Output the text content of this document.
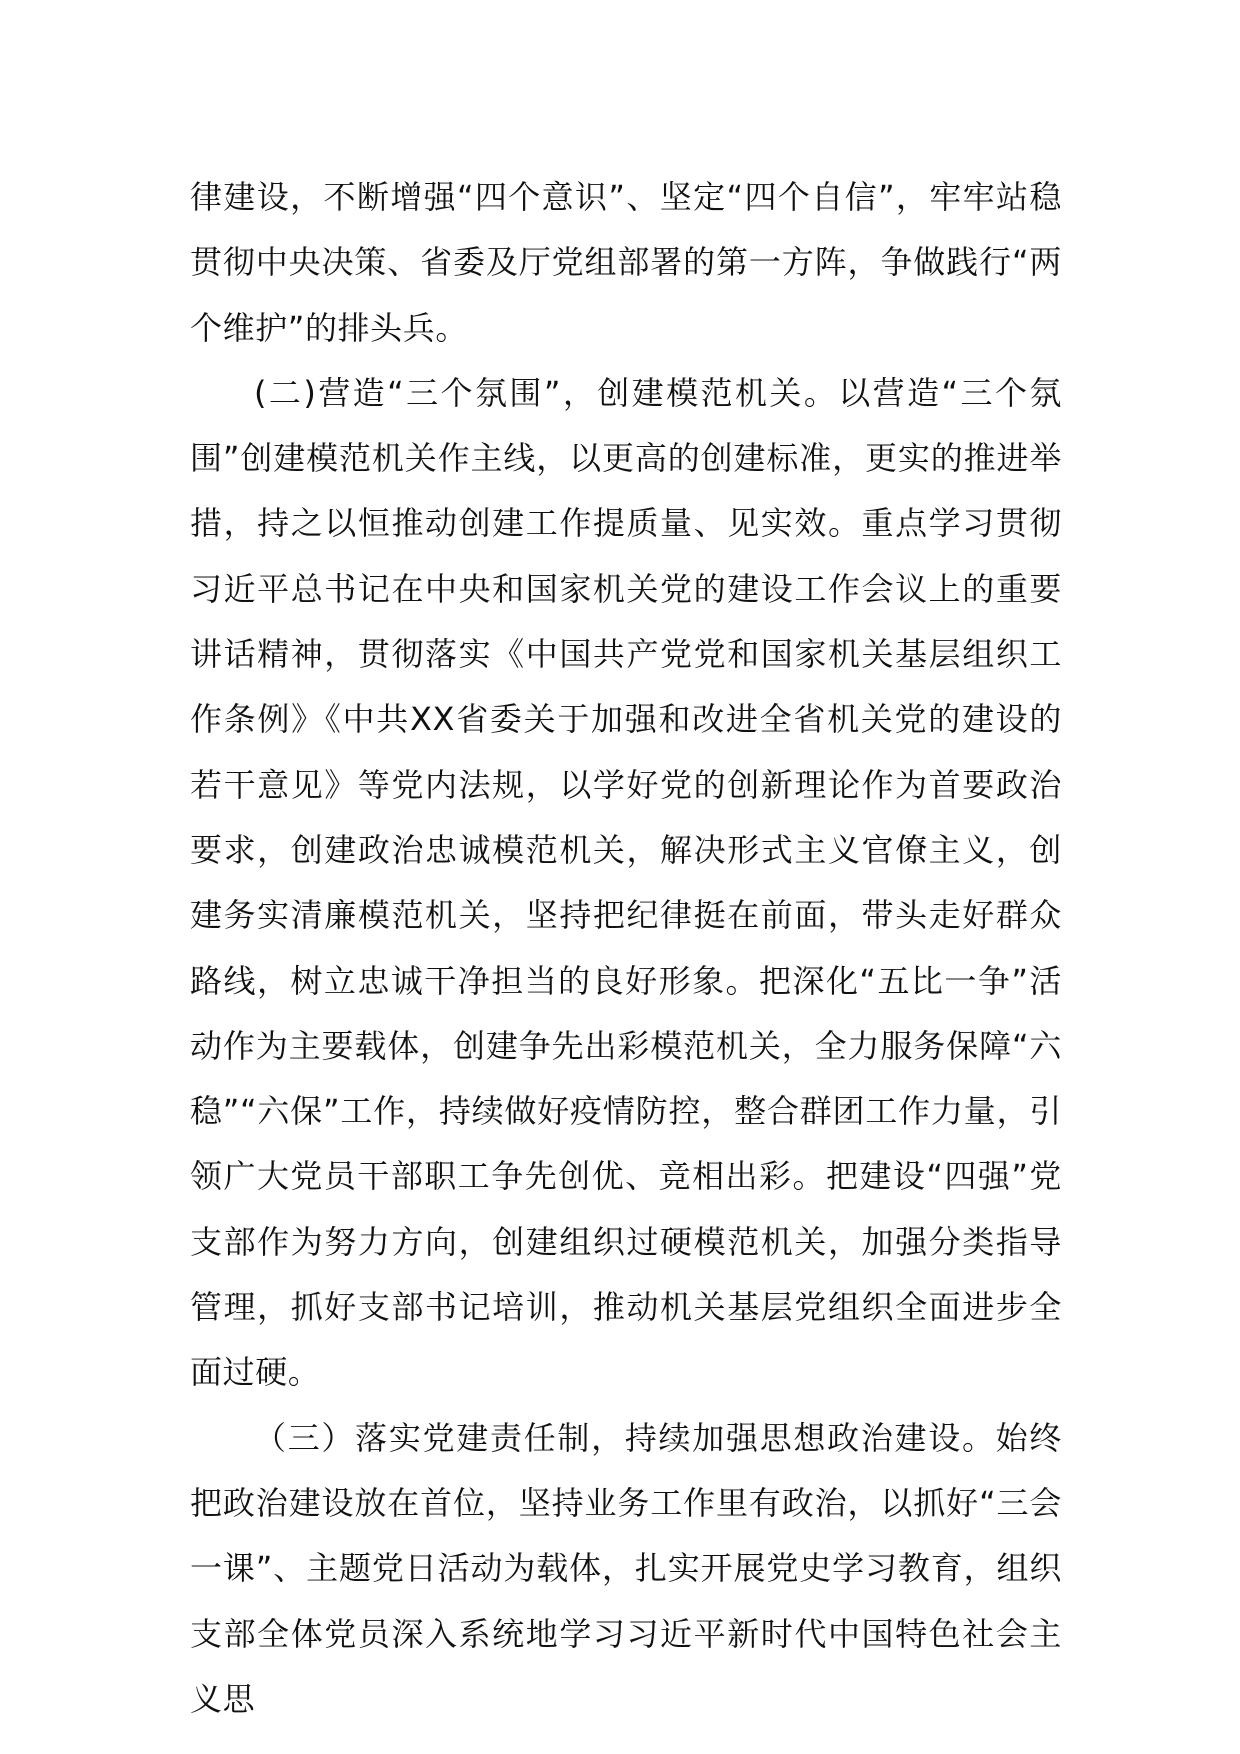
律建设，不断增强“四个意识”、坚定“四个自信”，牢牢站稳贯彻中央决策、省委及厅党组部署的第一方阵，争做践行“两个维护”的排头兵。

(二)营造“三个氛围”，创建模范机关。以营造“三个氛围”创建模范机关作主线，以更高的创建标准，更实的推进举措，持之以恒推动创建工作提质量、见实效。重点学习贯彻习近平总书记在中央和国家机关党的建设工作会议上的重要讲话精神，贯彻落实《中国共产党党和国家机关基层组织工作条例》《中共XX省委关于加强和改进全省机关党的建设的若干意见》等党内法规，以学好党的创新理论作为首要政治要求，创建政治忠诚模范机关，解决形式主义官僚主义，创建务实清廉模范机关，坚持把纪律挺在前面，带头走好群众路线，树立忠诚干净担当的良好形象。把深化“五比一争”活动作为主要载体，创建争先出彩模范机关，全力服务保障“六稳”“六保”工作，持续做好疫情防控，整合群团工作力量，引领广大党员干部职工争先创优、竞相出彩。把建设“四强”党支部作为努力方向，创建组织过硬模范机关，加强分类指导管理，抓好支部书记培训，推动机关基层党组织全面进步全面过硬。

（三）落实党建责任制，持续加强思想政治建设。始终把政治建设放在首位，坚持业务工作里有政治，以抓好“三会一课”、主题党日活动为载体，扎实开展党史学习教育，组织支部全体党员深入系统地学习习近平新时代中国特色社会主义思
